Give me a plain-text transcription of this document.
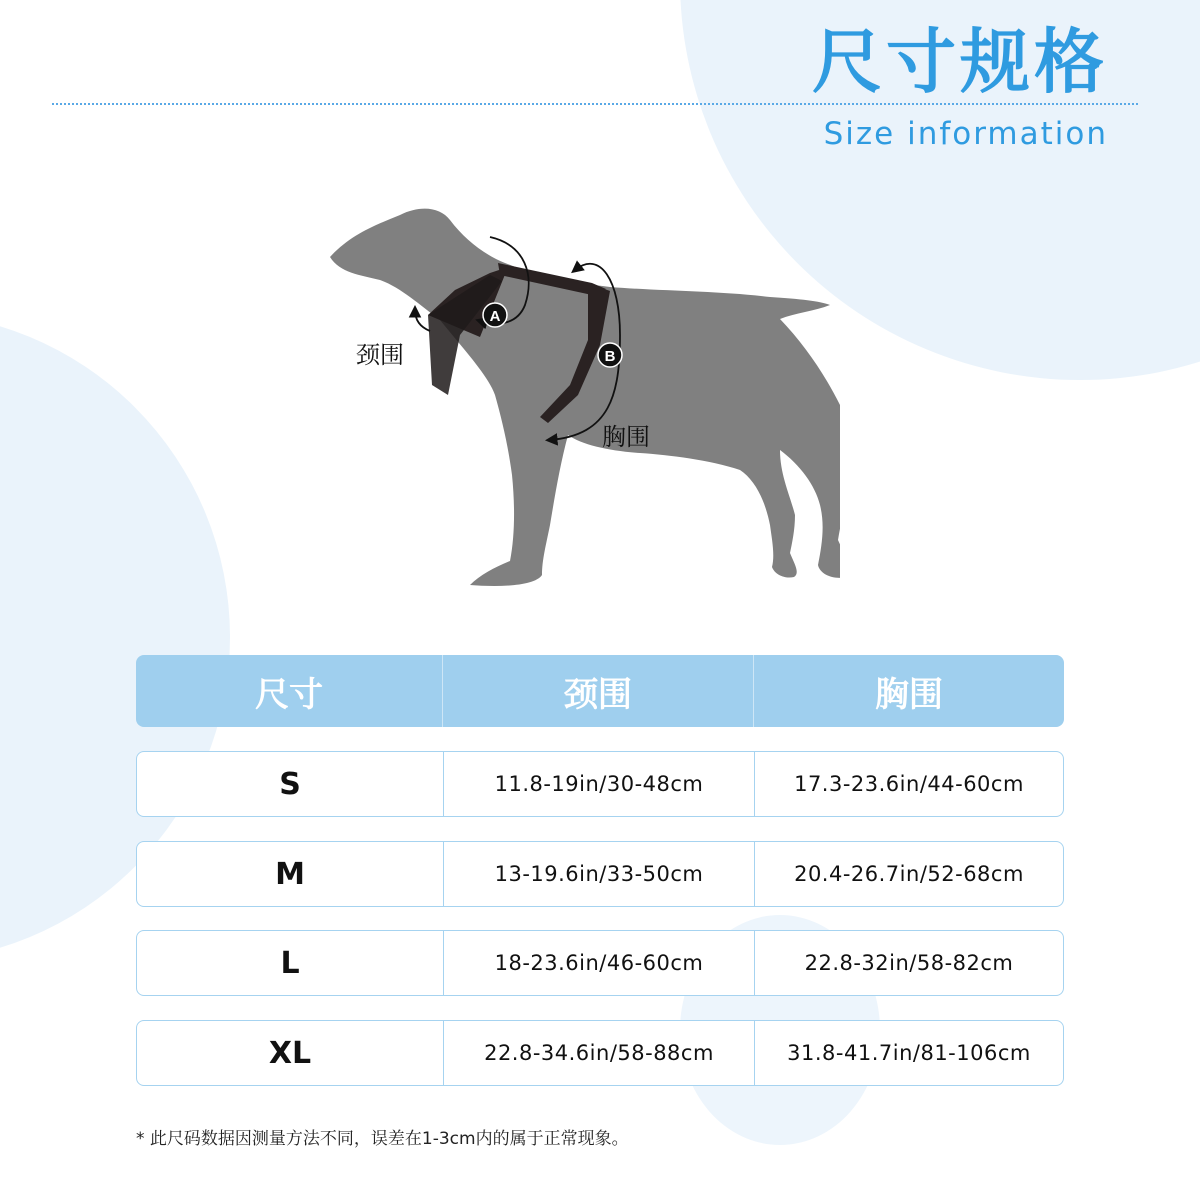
尺寸规格
Size information
A
B
颈围
胸围
尺寸	颈围	胸围
S	11.8-19in/30-48cm	17.3-23.6in/44-60cm
M	13-19.6in/33-50cm	20.4-26.7in/52-68cm
L	18-23.6in/46-60cm	22.8-32in/58-82cm
XL	22.8-34.6in/58-88cm	31.8-41.7in/81-106cm
* 此尺码数据因测量方法不同，误差在1-3cm内的属于正常现象。
